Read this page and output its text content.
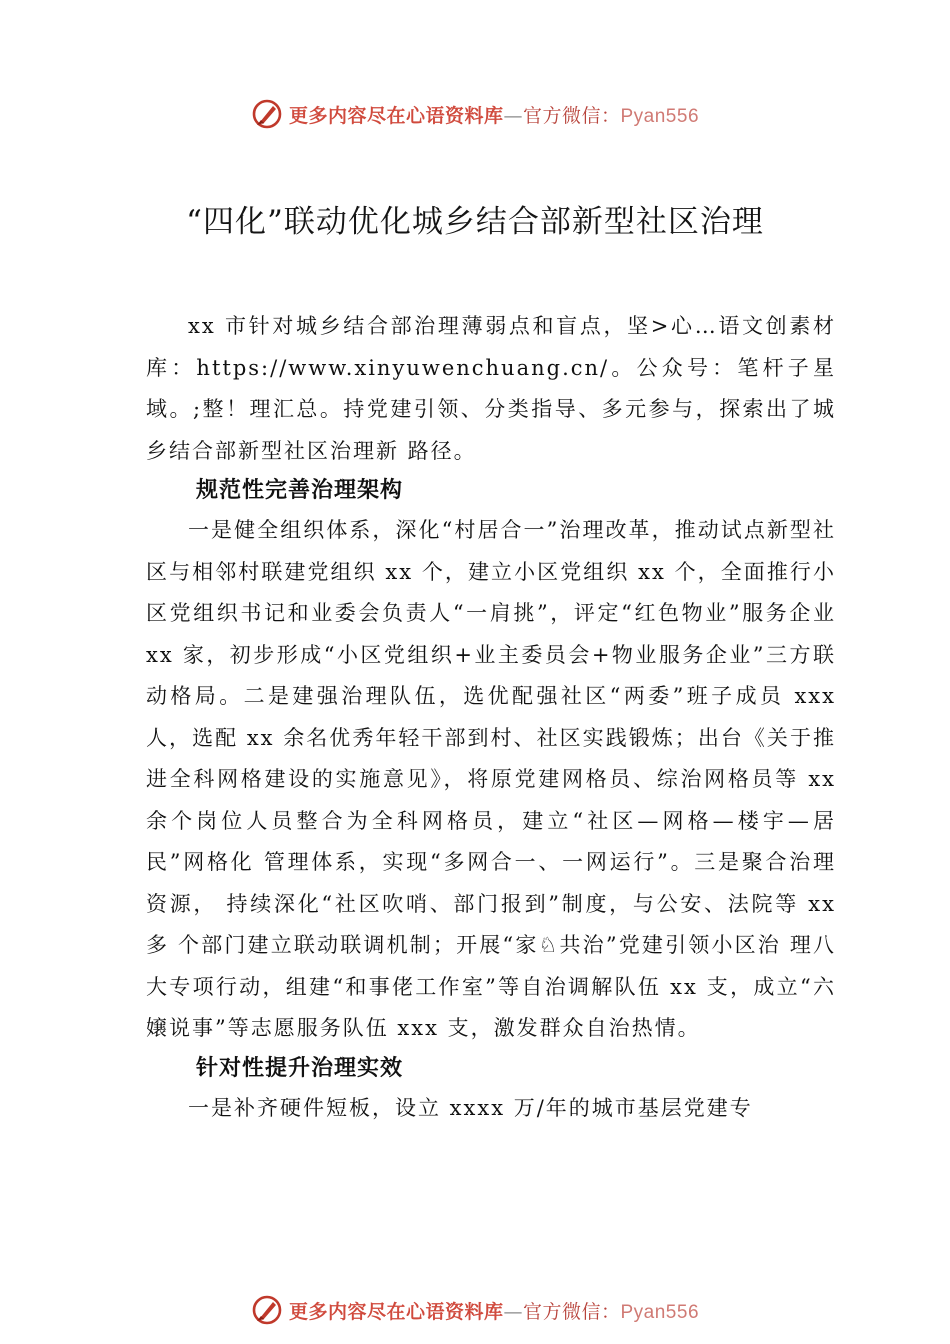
更多内容尽在心语资料库—官方微信：Pyan556
“四化”联动优化城乡结合部新型社区治理

xx 市针对城乡结合部治理薄弱点和盲点，坚>心…语文创素材库：https://www.xinyuwenchuang.cn/。公众号：笔杆子星域。;整！理汇总。持党建引领、分类指导、多元参与，探索出了城乡结合部新型社区治理新 路径。

规范性完善治理架构

一是健全组织体系，深化“村居合一”治理改革，推动试点新型社区与相邻村联建党组织 xx 个，建立小区党组织 xx 个，全面推行小区党组织书记和业委会负责人“一肩挑”，评定“红色物业”服务企业 xx 家，初步形成“小区党组织+业主委员会+物业服务企业”三方联动格局。二是建强治理队伍，选优配强社区“两委”班子成员 xxx 人，选配 xx 余名优秀年轻干部到村、社区实践锻炼；出台《关于推进全科网格建设的实施意见》，将原党建网格员、综治网格员等 xx 余个岗位人员整合为全科网格员，建立“社区—网格—楼宇—居民”网格化 管理体系，实现“多网合一、一网运行”。三是聚合治理资源， 持续深化“社区吹哨、部门报到”制度，与公安、法院等 xx 多 个部门建立联动联调机制；开展“家♘共治”党建引领小区治 理八大专项行动，组建“和事佬工作室”等自治调解队伍 xx 支，成立“六嬢说事”等志愿服务队伍 xxx 支，激发群众自治热情。

针对性提升治理实效

一是补齐硬件短板，设立 xxxx 万/年的城市基层党建专

更多内容尽在心语资料库—官方微信：Pyan556
